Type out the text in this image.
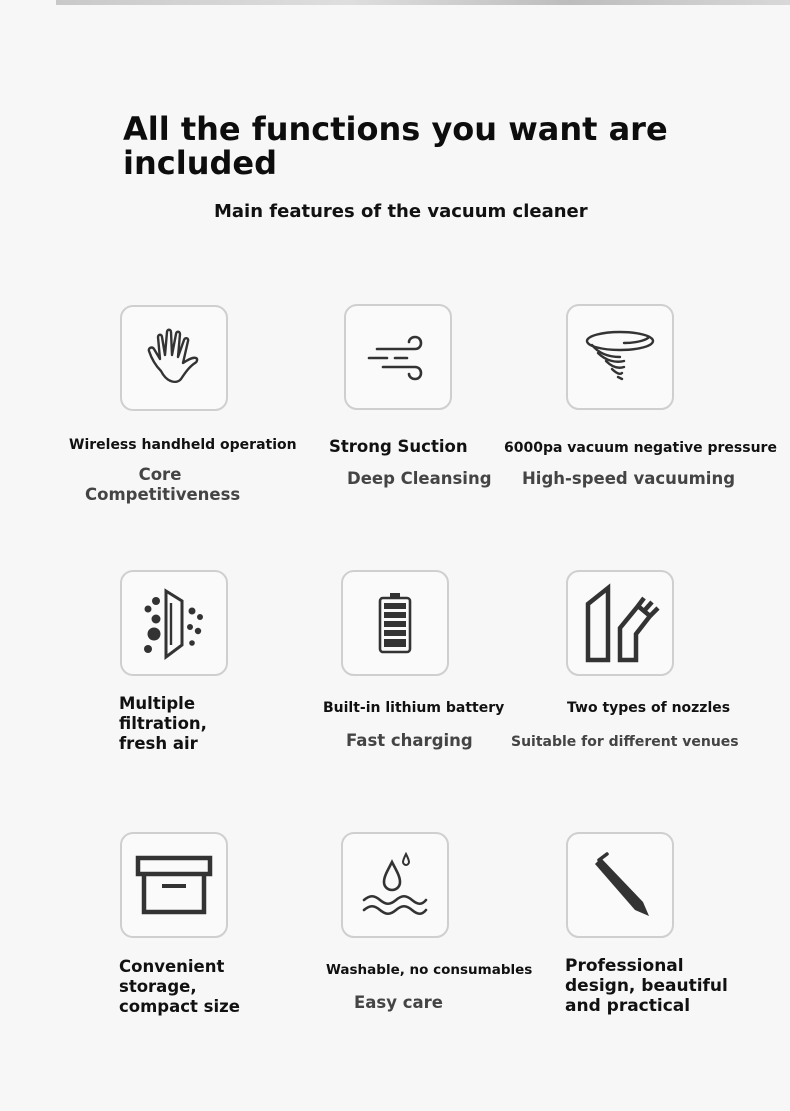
All the functions you want are included
Main features of the vacuum cleaner
Wireless handheld operation
Core Competitiveness
Strong Suction
Deep Cleansing
6000pa vacuum negative pressure
High-speed vacuuming
Multiple filtration, fresh air
Built-in lithium battery
Fast charging
Two types of nozzles
Suitable for different venues
Convenient storage, compact size
Washable, no consumables
Easy care
Professional design, beautiful and practical
